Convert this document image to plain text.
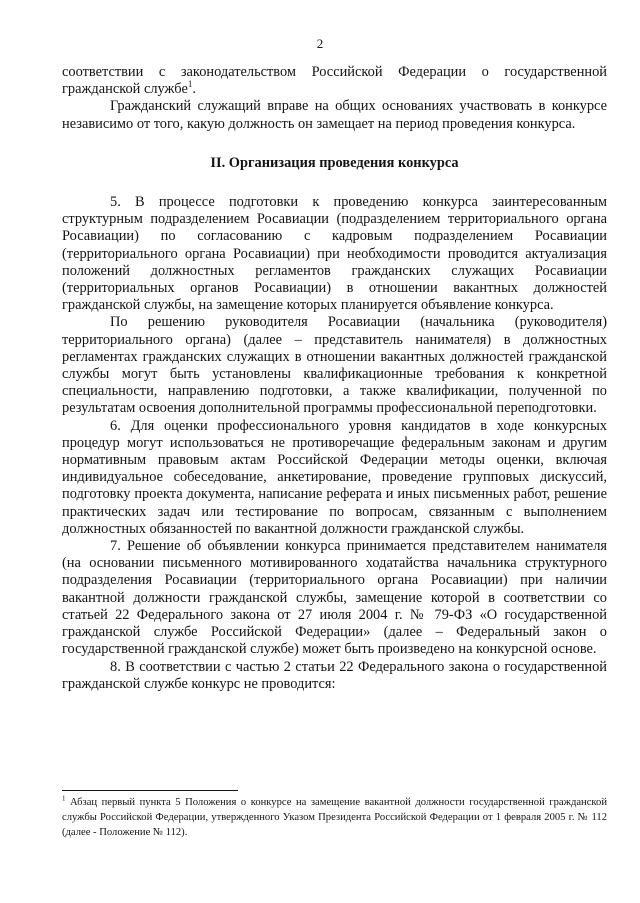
2

соответствии с законодательством Российской Федерации о государственной гражданской службе$^1$.

Гражданский служащий вправе на общих основаниях участвовать в конкурсе независимо от того, какую должность он замещает на период проведения конкурса.

II. Организация проведения конкурса

5. В процессе подготовки к проведению конкурса заинтересованным структурным подразделением Росавиации (подразделением территориального органа Росавиации) по согласованию с кадровым подразделением Росавиации (территориального органа Росавиации) при необходимости проводится актуализация положений должностных регламентов гражданских служащих Росавиации (территориальных органов Росавиации) в отношении вакантных должностей гражданской службы, на замещение которых планируется объявление конкурса.

По решению руководителя Росавиации (начальника (руководителя) территориального органа) (далее – представитель нанимателя) в должностных регламентах гражданских служащих в отношении вакантных должностей гражданской службы могут быть установлены квалификационные требования к конкретной специальности, направлению подготовки, а также квалификации, полученной по результатам освоения дополнительной программы профессиональной переподготовки.

6. Для оценки профессионального уровня кандидатов в ходе конкурсных процедур могут использоваться не противоречащие федеральным законам и другим нормативным правовым актам Российской Федерации методы оценки, включая индивидуальное собеседование, анкетирование, проведение групповых дискуссий, подготовку проекта документа, написание реферата и иных письменных работ, решение практических задач или тестирование по вопросам, связанным с выполнением должностных обязанностей по вакантной должности гражданской службы.

7. Решение об объявлении конкурса принимается представителем нанимателя (на основании письменного мотивированного ходатайства начальника структурного подразделения Росавиации (территориального органа Росавиации) при наличии вакантной должности гражданской службы, замещение которой в соответствии со статьей 22 Федерального закона от 27 июля 2004 г. № 79-ФЗ «О государственной гражданской службе Российской Федерации» (далее – Федеральный закон о государственной гражданской службе) может быть произведено на конкурсной основе.

8. В соответствии с частью 2 статьи 22 Федерального закона о государственной гражданской службе конкурс не проводится:

$^1$ Абзац первый пункта 5 Положения о конкурсе на замещение вакантной должности государственной гражданской службы Российской Федерации, утвержденного Указом Президента Российской Федерации от 1 февраля 2005 г. № 112 (далее - Положение № 112).
